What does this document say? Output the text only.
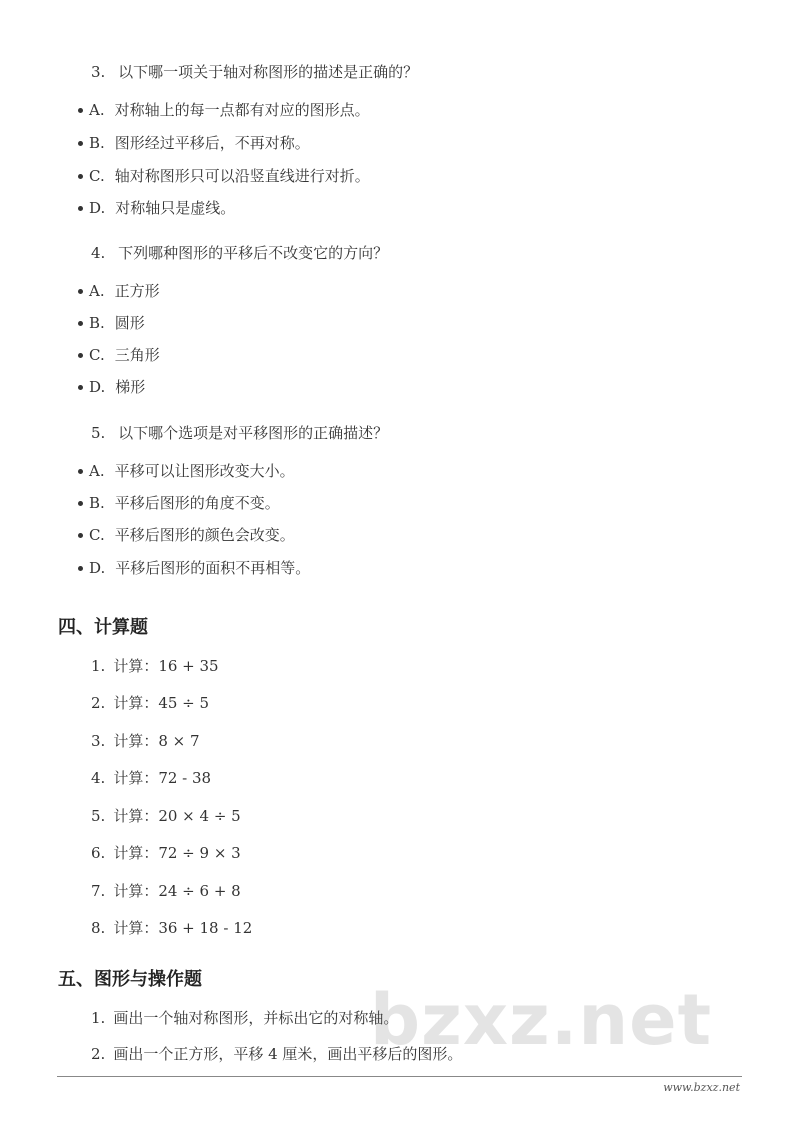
3. 以下哪一项关于轴对称图形的描述是正确的？
A. 对称轴上的每一点都有对应的图形点。
B. 图形经过平移后，不再对称。
C. 轴对称图形只可以沿竖直线进行对折。
D. 对称轴只是虚线。
4. 下列哪种图形的平移后不改变它的方向？
A. 正方形
B. 圆形
C. 三角形
D. 梯形
5. 以下哪个选项是对平移图形的正确描述？
A. 平移可以让图形改变大小。
B. 平移后图形的角度不变。
C. 平移后图形的颜色会改变。
D. 平移后图形的面积不再相等。
四、计算题
1. 计算：16 + 35
2. 计算：45 ÷ 5
3. 计算：8 × 7
4. 计算：72 - 38
5. 计算：20 × 4 ÷ 5
6. 计算：72 ÷ 9 × 3
7. 计算：24 ÷ 6 + 8
8. 计算：36 + 18 - 12
bzxz.net
五、图形与操作题
1. 画出一个轴对称图形，并标出它的对称轴。
2. 画出一个正方形，平移 4 厘米，画出平移后的图形。
www.bzxz.net
